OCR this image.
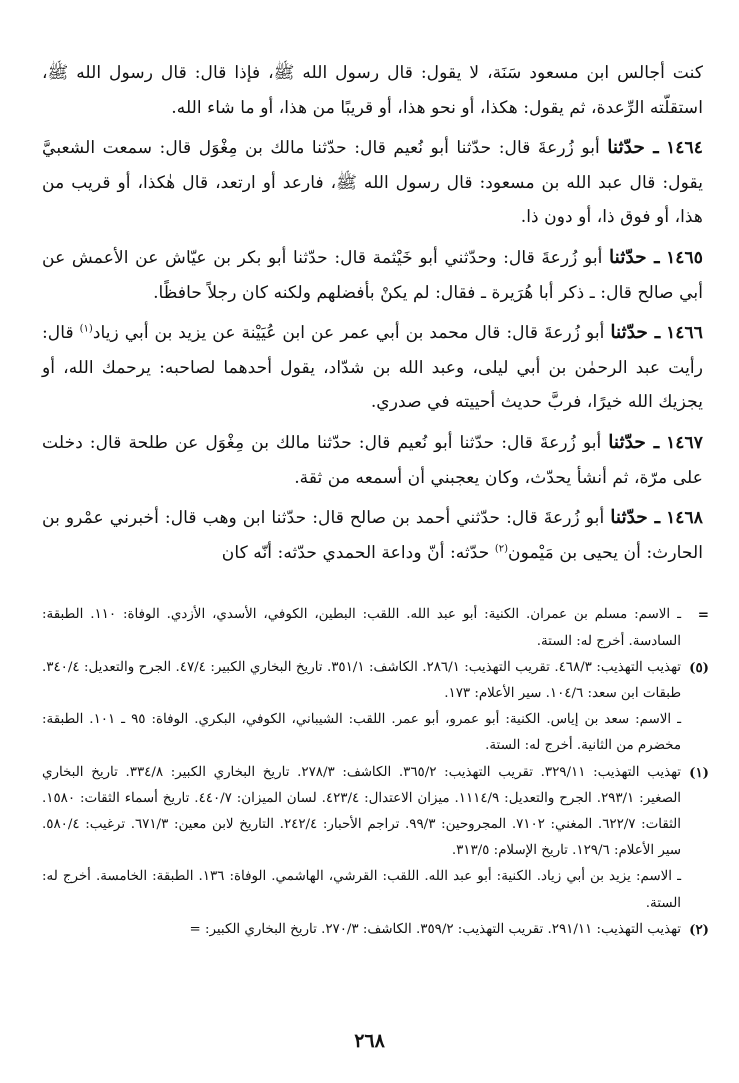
كنت أجالس ابن مسعود سَنَة، لا يقول: قال رسول الله ﷺ، فإذا قال: قال رسول الله ﷺ، استقلّته الرِّعدة، ثم يقول: هكذا، أو نحو هذا، أو قريبًا من هذا، أو ما شاء الله.

١٤٦٤ ـ حدّثنا أبو زُرعةَ قال: حدّثنا أبو نُعيم قال: حدّثنا مالك بن مِغْوَل قال: سمعت الشعبيَّ يقول: قال عبد الله بن مسعود: قال رسول الله ﷺ، فارعد أو ارتعد، قال هٰكذا، أو قريب من هذا، أو فوق ذا، أو دون ذا.

١٤٦٥ ـ حدّثنا أبو زُرعةَ قال: وحدّثني أبو خَيْثمة قال: حدّثنا أبو بكر بن عيّاش عن الأعمش عن أبي صالح قال: ـ ذكر أبا هُرَيرة ـ فقال: لم يكنْ بأفضلهم ولكنه كان رجلاً حافظًا.

١٤٦٦ ـ حدّثنا أبو زُرعةَ قال: قال محمد بن أبي عمر عن ابن عُيَيْنة عن يزيد بن أبي زياد$^{(١)}$ قال: رأيت عبد الرحمٰن بن أبي ليلى، وعبد الله بن شدّاد، يقول أحدهما لصاحبه: يرحمك الله، أو يجزيك الله خيرًا، فربَّ حديث أحييته في صدري.

١٤٦٧ ـ حدّثنا أبو زُرعةَ قال: حدّثنا أبو نُعيم قال: حدّثنا مالك بن مِغْوَل عن طلحة قال: دخلت على مرّة، ثم أنشأ يحدّث، وكان يعجبني أن أسمعه من ثقة.

١٤٦٨ ـ حدّثنا أبو زُرعةَ قال: حدّثني أحمد بن صالح قال: حدّثنا ابن وهب قال: أخبرني عمْرو بن الحارث: أن يحيى بن مَيْمون$^{(٢)}$ حدّثه: أنّ وداعة الحمدي حدّثه: أنّه كان

=
ـ الاسم: مسلم بن عمران. الكنية: أبو عبد الله. اللقب: البطين، الكوفي، الأسدي، الأزدي. الوفاة: ١١٠. الطبقة: السادسة. أخرج له: الستة.

(٥)
تهذيب التهذيب: ٤٦٨/٣. تقريب التهذيب: ٢٨٦/١. الكاشف: ٣٥١/١. تاريخ البخاري الكبير: ٤٧/٤. الجرح والتعديل: ٣٤٠/٤. طبقات ابن سعد: ١٠٤/٦. سير الأعلام: ١٧٣.

ـ الاسم: سعد بن إياس. الكنية: أبو عمرو، أبو عمر. اللقب: الشيباني، الكوفي، البكري. الوفاة: ٩٥ ـ ١٠١. الطبقة: مخضرم من الثانية. أخرج له: الستة.

(١)
تهذيب التهذيب: ٣٢٩/١١. تقريب التهذيب: ٣٦٥/٢. الكاشف: ٢٧٨/٣. تاريخ البخاري الكبير: ٣٣٤/٨. تاريخ البخاري الصغير: ٢٩٣/١. الجرح والتعديل: ١١١٤/٩. ميزان الاعتدال: ٤٢٣/٤. لسان الميزان: ٤٤٠/٧. تاريخ أسماء الثقات: ١٥٨٠. الثقات: ٦٢٢/٧. المغني: ٧١٠٢. المجروحين: ٩٩/٣. تراجم الأحبار: ٢٤٢/٤. التاريخ لابن معين: ٦٧١/٣. ترغيب: ٥٨٠/٤. سير الأعلام: ١٢٩/٦. تاريخ الإسلام: ٣١٣/٥.

ـ الاسم: يزيد بن أبي زياد. الكنية: أبو عبد الله. اللقب: القرشي، الهاشمي. الوفاة: ١٣٦. الطبقة: الخامسة. أخرج له: الستة.

(٢)
تهذيب التهذيب: ٢٩١/١١. تقريب التهذيب: ٣٥٩/٢. الكاشف: ٢٧٠/٣. تاريخ البخاري الكبير: =

٢٦٨
